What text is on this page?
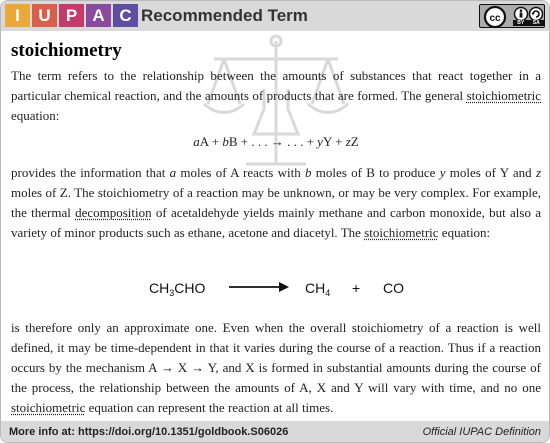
I	U P A C Recommended Term	cc	BY SA
stoichiometry

The term refers to the relationship between the amounts of substances that react together in a particular chemical reaction, and the amounts of products that are formed. The general stoichiometric equation:

aA + bB + . . . → . . . + yY + zZ

provides the information that a moles of A reacts with b moles of B to produce y moles of Y and z moles of Z. The stoichiometry of a reaction may be unknown, or may be very complex. For example, the thermal decomposition of acetaldehyde yields mainly methane and carbon monoxide, but also a variety of minor products such as ethane, acetone and diacetyl. The stoichiometric equation:

$CH_3CHO$	$CH_4$ + CO

is therefore only an approximate one. Even when the overall stoichiometry of a reaction is well defined, it may be time-dependent in that it varies during the course of a reaction. Thus if a reaction occurs by the mechanism A → X → Y, and X is formed in substantial amounts during the course of the process, the relationship between the amounts of A, X and Y will vary with time, and no one stoichiometric equation can represent the reaction at all times.

More info at: https://doi.org/10.1351/goldbook.S06026	Official IUPAC Definition
